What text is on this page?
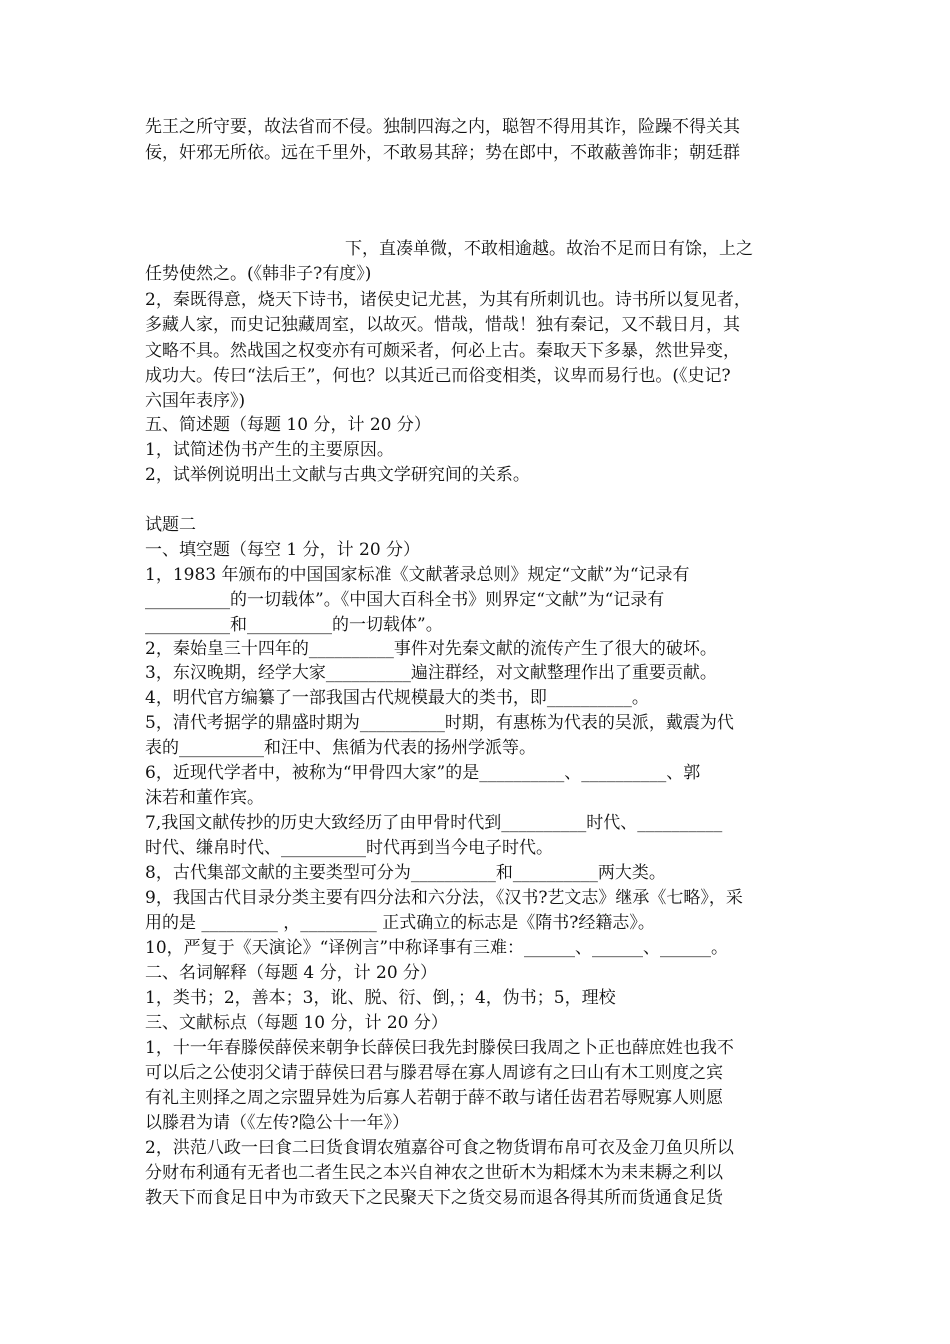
先王之所守要，故法省而不侵。独制四海之内，聪智不得用其诈，险躁不得关其
佞，奸邪无所依。远在千里外，不敢易其辞；势在郎中，不敢蔽善饰非；朝廷群
下，直凑单微，不敢相逾越。故治不足而日有馀，上之
任势使然之。(《韩非子?有度》)
2，秦既得意，烧天下诗书，诸侯史记尤甚，为其有所刺讥也。诗书所以复见者，
多藏人家，而史记独藏周室，以故灭。惜哉，惜哉！独有秦记，又不载日月，其
文略不具。然战国之权变亦有可颇采者，何必上古。秦取天下多暴，然世异变，
成功大。传曰“法后王”，何也？以其近己而俗变相类，议卑而易行也。(《史记?
六国年表序》)
五、简述题（每题 10 分，计 20 分）
1，试简述伪书产生的主要原因。
2，试举例说明出土文献与古典文学研究间的关系。
试题二
一、填空题（每空 1 分，计 20 分）
1，1983 年颁布的中国国家标准《文献著录总则》规定“文献”为“记录有
__________的一切载体”。《中国大百科全书》则界定“文献”为“记录有
__________和__________的一切载体”。
2，秦始皇三十四年的__________事件对先秦文献的流传产生了很大的破坏。
3，东汉晚期，经学大家__________遍注群经，对文献整理作出了重要贡献。
4，明代官方编纂了一部我国古代规模最大的类书，即__________。
5，清代考据学的鼎盛时期为__________时期，有惠栋为代表的吴派，戴震为代
表的__________和汪中、焦循为代表的扬州学派等。
6，近现代学者中，被称为“甲骨四大家”的是__________、__________、郭
沫若和董作宾。
7,我国文献传抄的历史大致经历了由甲骨时代到__________时代、__________
时代、缣帛时代、__________时代再到当今电子时代。
8，古代集部文献的主要类型可分为__________和__________两大类。
9，我国古代目录分类主要有四分法和六分法，《汉书?艺文志》继承《七略》，采
用的是 _________ ，_________ 正式确立的标志是《隋书?经籍志》。
10，严复于《天演论》“译例言”中称译事有三难：______、______、______。
二、名词解释（每题 4 分，计 20 分）
1，类书；2，善本；3，讹、脱、衍、倒，；4，伪书；5，理校
三、文献标点（每题 10 分，计 20 分）
1，十一年春滕侯薛侯来朝争长薛侯曰我先封滕侯曰我周之卜正也薛庶姓也我不
可以后之公使羽父请于薛侯曰君与滕君辱在寡人周谚有之曰山有木工则度之宾
有礼主则择之周之宗盟异姓为后寡人若朝于薛不敢与诸任齿君若辱贶寡人则愿
以滕君为请（《左传?隐公十一年》）
2，洪范八政一曰食二曰货食谓农殖嘉谷可食之物货谓布帛可衣及金刀鱼贝所以
分财布利通有无者也二者生民之本兴自神农之世斫木为耜煣木为耒耒耨之利以
教天下而食足日中为市致天下之民聚天下之货交易而退各得其所而货通食足货
